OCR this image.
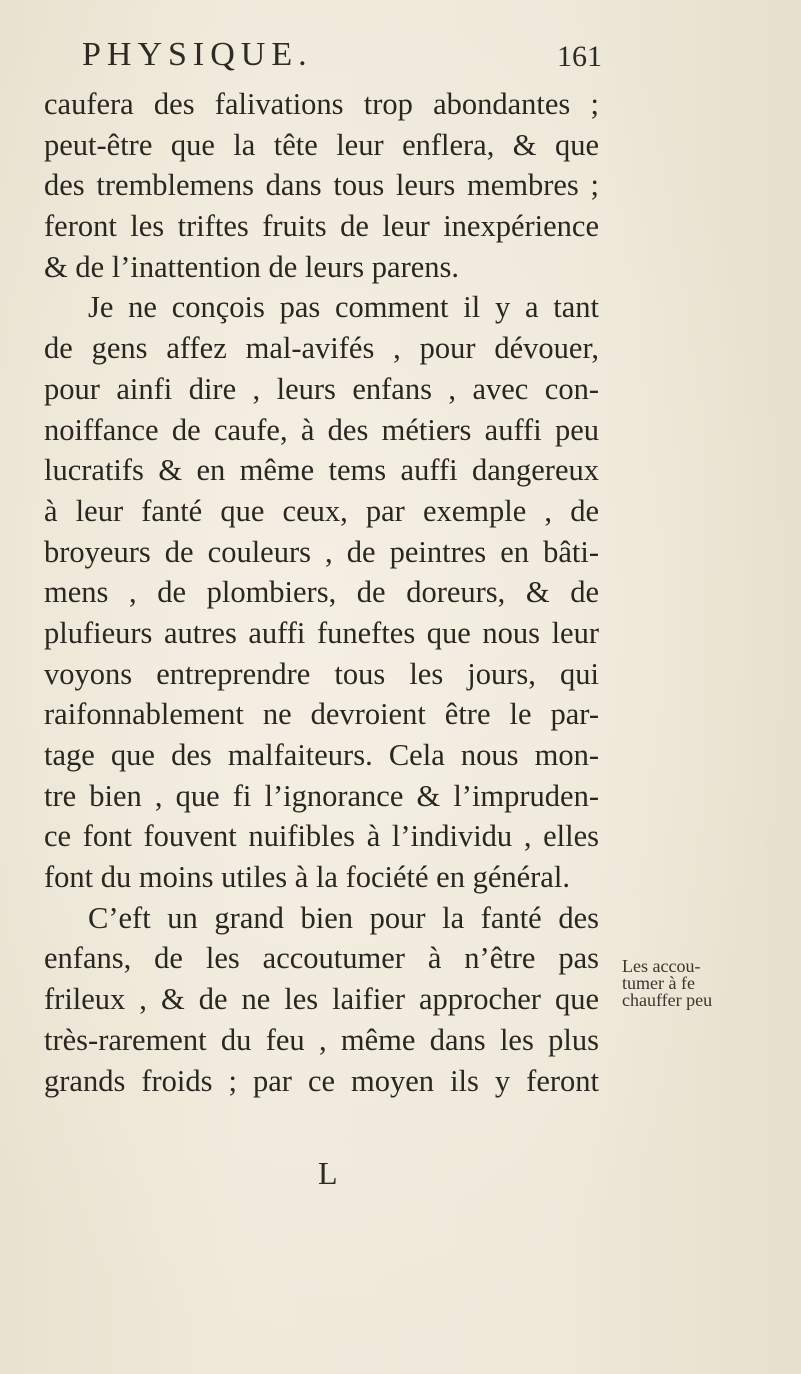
PHYSIQUE.	161
caufera des falivations trop abondantes ;
peut-être que la tête leur enflera, & que
des tremblemens dans tous leurs membres ;
feront les triftes fruits de leur inexpérience
& de l’inattention de leurs parens.
Je ne conçois pas comment il y a tant
de gens affez mal-avifés , pour dévouer,
pour ainfi dire , leurs enfans , avec con-
noiffance de caufe, à des métiers auffi peu
lucratifs & en même tems auffi dangereux
à leur fanté que ceux, par exemple , de
broyeurs de couleurs , de peintres en bâti-
mens , de plombiers, de doreurs, & de
plufieurs autres auffi funeftes que nous leur
voyons entreprendre tous les jours, qui
raifonnablement ne devroient être le par-
tage que des malfaiteurs. Cela nous mon-
tre bien , que fi l’ignorance & l’impruden-
ce font fouvent nuifibles à l’individu , elles
font du moins utiles à la fociété en général.
C’eft un grand bien pour la fanté des
enfans, de les accoutumer à n’être pas
frileux , & de ne les laifier approcher que
très-rarement du feu , même dans les plus
grands froids ; par ce moyen ils y feront
Les accou-
tumer à fe
chauffer peu
L
